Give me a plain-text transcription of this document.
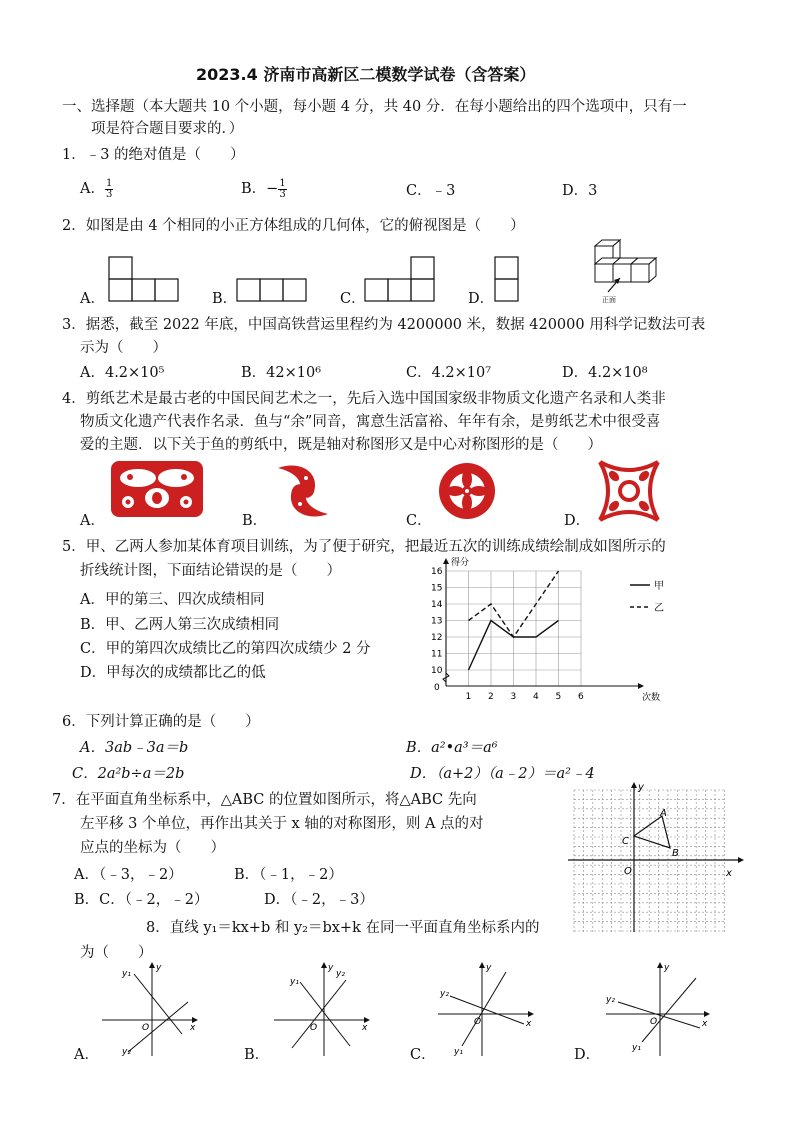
2023.4 济南市高新区二模数学试卷（含答案）
一、选择题（本大题共 10 个小题，每小题 4 分，共 40 分．在每小题给出的四个选项中，只有一
项是符合题目要求的．）
1．﹣3 的绝对值是（　　）
A． $\frac{1}{3}$	B．− $\frac{1}{3}$	C．﹣3	D．3
2．如图是由 4 个相同的小正方体组成的几何体，它的俯视图是（　　）
A．	B．	C．	D．	正面
3．据悉，截至 2022 年底，中国高铁营运里程约为 4200000 米，数据 420000 用科学记数法可表
示为（　　）
A．4.2×10⁵	B．42×10⁶	C．4.2×10⁷	D．4.2×10⁸
4．剪纸艺术是最古老的中国民间艺术之一，先后入选中国国家级非物质文化遗产名录和人类非
物质文化遗产代表作名录．鱼与“余”同音，寓意生活富裕、年年有余，是剪纸艺术中很受喜
爱的主题．以下关于鱼的剪纸中，既是轴对称图形又是中心对称图形的是（　　）
A．	B．	C．	D．
5．甲、乙两人参加某体育项目训练，为了便于研究，把最近五次的训练成绩绘制成如图所示的
折线统计图，下面结论错误的是（　　）
A．甲的第三、四次成绩相同
B．甲、乙两人第三次成绩相同
C．甲的第四次成绩比乙的第四次成绩少 2 分
D．甲每次的成绩都比乙的低
得分
次数
0
1 2 3 4 5 6
10
11
12
13
14
15
16
甲
乙
6．下列计算正确的是（　　）
A．3ab﹣3a＝b	B．a²•a³＝a⁶
C．2a²b÷a＝2b	D．（a+2）（a﹣2）＝a²﹣4
7．在平面直角坐标系中，△ABC 的位置如图所示，将△ABC 先向
左平移 3 个单位，再作出其关于 x 轴的对称图形，则 A 点的对
应点的坐标为（　　）
A．（﹣3，﹣2）	B．（﹣1，﹣2）
B．C．（﹣2，﹣2）	D．（﹣2，﹣3）
A
B
C
O	x
y
8．直线 y₁＝kx+b 和 y₂＝bx+k 在同一平面直角坐标系内的
为（　　）
A．
x
y
O
y₁
y₂	B．
x
y
O
y₁
y₂
C．
x
y
O
y₂
y₁	D．
x
y
O
y₂
y₁
